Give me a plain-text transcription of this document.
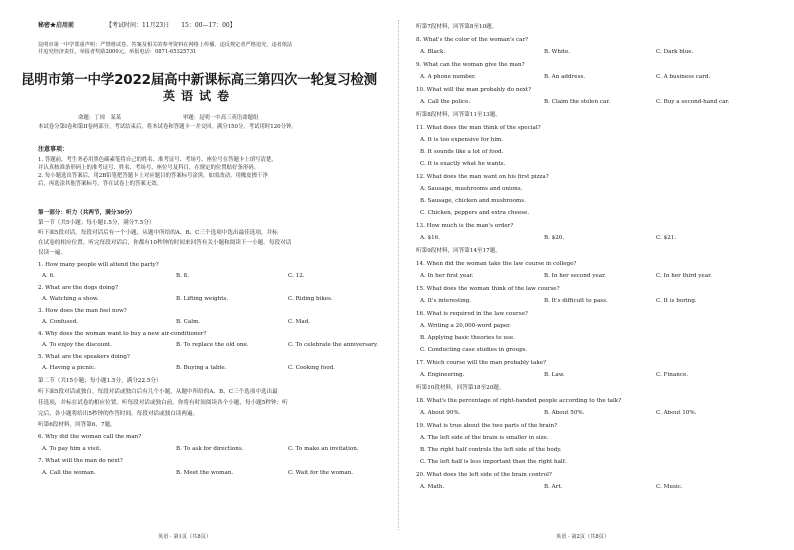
秘密★启用前	【考试时间：11月23日　　15：00—17：00】
昆明市第一中学郑重声明：严禁将试卷、答案及相关的参考资料在网络上传播，违反规定者严格追究，违者依法
并追究经济责任，举报者奖励2000元。举报电话：0871-65325731
昆明市第一中学2022届高中新课标高三第四次一轮复习检测
英语试卷
命题：丁琼　某某	审题：昆明一中高三英语命题组
本试卷分第I卷和第II卷两部分。考试结束后，将本试卷和答题卡一并交回。满分150分，考试用时120分钟。
注意事项：
1. 答题前，考生务必用黑色碳素笔将自己的姓名、准考证号、考场号、座位号在答题卡上填写清楚，
并认真核准条形码上的准考证号、姓名、考场号、座位号及科目，在规定的位置贴好条形码。
2. 每小题选出答案后，用2B铅笔把答题卡上对应题目的答案标号涂黑。如需改动，用橡皮擦干净
后，再选涂其他答案标号。答在试卷上的答案无效。
第一部分：听力（共两节，满分30分）
第一节（共5小题；每小题1.5分，满分7.5分）
听下面5段对话。每段对话后有一个小题，从题中所给的A、B、C三个选项中选出最佳选项，并标
在试卷的相应位置。听完每段对话后，你都有10秒钟的时间来回答有关小题和阅读下一小题。每段对话
仅读一遍。
1. How many people will attend the party?
A. 6.	B. 8.	C. 12.
2. What are the dogs doing?
A. Watching a show.	B. Lifting weights.	C. Riding bikes.
3. How does the man feel now?
A. Confused.	B. Calm.	C. Mad.
4. Why does the woman want to buy a new air-conditioner?
A. To enjoy the discount.	B. To replace the old one.	C. To celebrate the anniversary.
5. What are the speakers doing?
A. Having a picnic.	B. Buying a table.	C. Cooking food.
第二节（共15小题；每小题1.5分，满分22.5分）
听下面5段对话或独白。每段对话或独白后有几个小题，从题中所给的A、B、C三个选项中选出最
佳选项，并标在试卷的相应位置。听每段对话或独白前，你将有时间阅读各个小题，每小题5秒钟；听
完后，各小题将给出5秒钟的作答时间。每段对话或独白读两遍。
听第6段材料，回答第6、7题。
6. Why did the woman call the man?
A. To pay him a visit.	B. To ask for directions.	C. To make an invitation.
7. What will the man do next?
A. Call the woman.	B. Meet the woman.	C. Wait for the woman.
英语 · 第1页（共8页）
听第7段材料，回答第8至10题。
8. What's the color of the woman's car?
A. Black.	B. White.	C. Dark blue.
9. What can the woman give the man?
A. A phone number.	B. An address.	C. A business card.
10. What will the man probably do next?
A. Call the police.	B. Claim the stolen car.	C. Buy a second-hand car.
听第8段材料，回答第11至13题。
11. What does the man think of the special?
A. It is too expensive for him.
B. It sounds like a lot of food.
C. It is exactly what he wants.
12. What does the man want on his first pizza?
A. Sausage, mushrooms and onions.
B. Sausage, chicken and mushrooms.
C. Chicken, peppers and extra cheese.
13. How much is the man's order?
A. $16.	B. $20.	C. $21.
听第9段材料，回答第14至17题。
14. When did the woman take the law course in college?
A. In her first year.	B. In her second year.	C. In her third year.
15. What does the woman think of the law course?
A. It's interesting.	B. It's difficult to pass.	C. It is boring.
16. What is required in the law course?
A. Writing a 20,000-word paper.
B. Applying basic theories to use.
C. Conducting case studies in groups.
17. Which course will the man probably take?
A. Engineering.	B. Law.	C. Finance.
听第10段材料，回答第18至20题。
18. What's the percentage of right-handed people according to the talk?
A. About 90%.	B. About 50%.	C. About 10%.
19. What is true about the two parts of the brain?
A. The left side of the brain is smaller in size.
B. The right half controls the left side of the body.
C. The left half is less important than the right half.
20. What does the left side of the brain control?
A. Math.	B. Art.	C. Music.
英语 · 第2页（共8页）
